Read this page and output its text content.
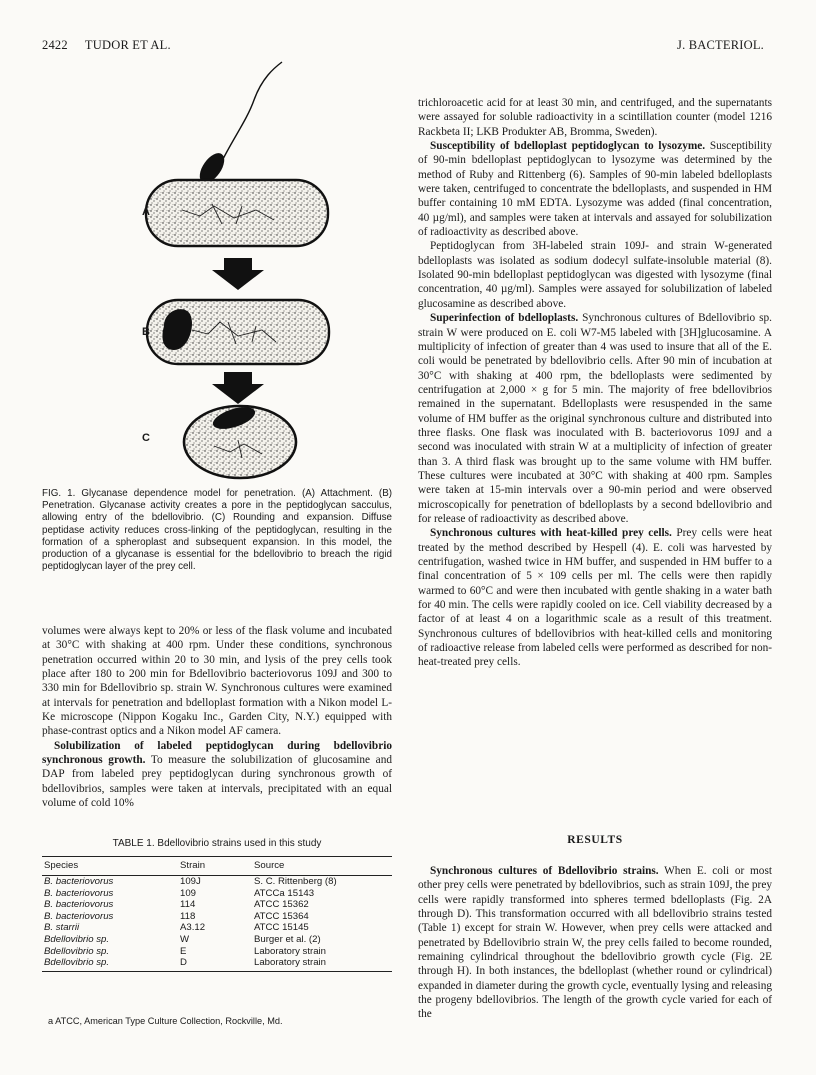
2422 TUDOR ET AL.	J. BACTERIOL.
A
B
C
FIG. 1. Glycanase dependence model for penetration. (A) Attachment. (B) Penetration. Glycanase activity creates a pore in the peptidoglycan sacculus, allowing entry of the bdellovibrio. (C) Rounding and expansion. Diffuse peptidase activity reduces cross-linking of the peptidoglycan, resulting in the formation of a spheroplast and subsequent expansion. In this model, the production of a glycanase is essential for the bdellovibrio to breach the rigid peptidoglycan layer of the prey cell.

volumes were always kept to 20% or less of the flask volume and incubated at 30°C with shaking at 400 rpm. Under these conditions, synchronous penetration occurred within 20 to 30 min, and lysis of the prey cells took place after 180 to 200 min for Bdellovibrio bacteriovorus 109J and 300 to 330 min for Bdellovibrio sp. strain W. Synchronous cultures were examined at intervals for penetration and bdelloplast formation with a Nikon model L-Ke microscope (Nippon Kogaku Inc., Garden City, N.Y.) equipped with phase-contrast optics and a Nikon model AF camera.

Solubilization of labeled peptidoglycan during bdellovibrio synchronous growth. To measure the solubilization of glucosamine and DAP from labeled prey peptidoglycan during synchronous growth of bdellovibrios, samples were taken at intervals, precipitated with an equal volume of cold 10%

TABLE 1. Bdellovibrio strains used in this study
Species	Strain	Source
B. bacteriovorus	109J	S. C. Rittenberg (8)
B. bacteriovorus	109	ATCCa 15143
B. bacteriovorus	114	ATCC 15362
B. bacteriovorus	118	ATCC 15364
B. starrii	A3.12	ATCC 15145
Bdellovibrio sp.	W	Burger et al. (2)
Bdellovibrio sp.	E	Laboratory strain
Bdellovibrio sp.	D	Laboratory strain
a ATCC, American Type Culture Collection, Rockville, Md.

trichloroacetic acid for at least 30 min, and centrifuged, and the supernatants were assayed for soluble radioactivity in a scintillation counter (model 1216 Rackbeta II; LKB Produkter AB, Bromma, Sweden).

Susceptibility of bdelloplast peptidoglycan to lysozyme. Susceptibility of 90-min bdelloplast peptidoglycan to lysozyme was determined by the method of Ruby and Rittenberg (6). Samples of 90-min labeled bdelloplasts were taken, centrifuged to concentrate the bdelloplasts, and suspended in HM buffer containing 10 mM EDTA. Lysozyme was added (final concentration, 40 µg/ml), and samples were taken at intervals and assayed for solubilization of radioactivity as described above.

Peptidoglycan from 3H-labeled strain 109J- and strain W-generated bdelloplasts was isolated as sodium dodecyl sulfate-insoluble material (8). Isolated 90-min bdelloplast peptidoglycan was digested with lysozyme (final concentration, 40 µg/ml). Samples were assayed for solubilization of labeled glucosamine as described above.

Superinfection of bdelloplasts. Synchronous cultures of Bdellovibrio sp. strain W were produced on E. coli W7-M5 labeled with [3H]glucosamine. A multiplicity of infection of greater than 4 was used to insure that all of the E. coli would be penetrated by bdellovibrio cells. After 90 min of incubation at 30°C with shaking at 400 rpm, the bdelloplasts were sedimented by centrifugation at 2,000 × g for 5 min. The majority of free bdellovibrios remained in the supernatant. Bdelloplasts were resuspended in the same volume of HM buffer as the original synchronous culture and distributed into three flasks. One flask was inoculated with B. bacteriovorus 109J and a second was inoculated with strain W at a multiplicity of infection of greater than 3. A third flask was brought up to the same volume with HM buffer. These cultures were incubated at 30°C with shaking at 400 rpm. Samples were taken at 15-min intervals over a 90-min period and were observed microscopically for penetration of bdelloplasts by a second bdellovibrio and for release of radioactivity as described above.

Synchronous cultures with heat-killed prey cells. Prey cells were heat treated by the method described by Hespell (4). E. coli was harvested by centrifugation, washed twice in HM buffer, and suspended in HM buffer to a final concentration of 5 × 109 cells per ml. The cells were then rapidly warmed to 60°C and were then incubated with gentle shaking in a water bath for 40 min. The cells were rapidly cooled on ice. Cell viability decreased by a factor of at least 4 on a logarithmic scale as a result of this treatment. Synchronous cultures of bdellovibrios with heat-killed cells and monitoring of radioactive release from labeled cells were performed as described for non-heat-treated prey cells.

RESULTS

Synchronous cultures of Bdellovibrio strains. When E. coli or most other prey cells were penetrated by bdellovibrios, such as strain 109J, the prey cells were rapidly transformed into spheres termed bdelloplasts (Fig. 2A through D). This transformation occurred with all bdellovibrio strains tested (Table 1) except for strain W. However, when prey cells were attacked and penetrated by Bdellovibrio strain W, the prey cells failed to become rounded, remaining cylindrical throughout the bdellovibrio growth cycle (Fig. 2E through H). In both instances, the bdelloplast (whether round or cylindrical) expanded in diameter during the growth cycle, eventually lysing and releasing the progeny bdellovibrios. The length of the growth cycle varied for each of the
